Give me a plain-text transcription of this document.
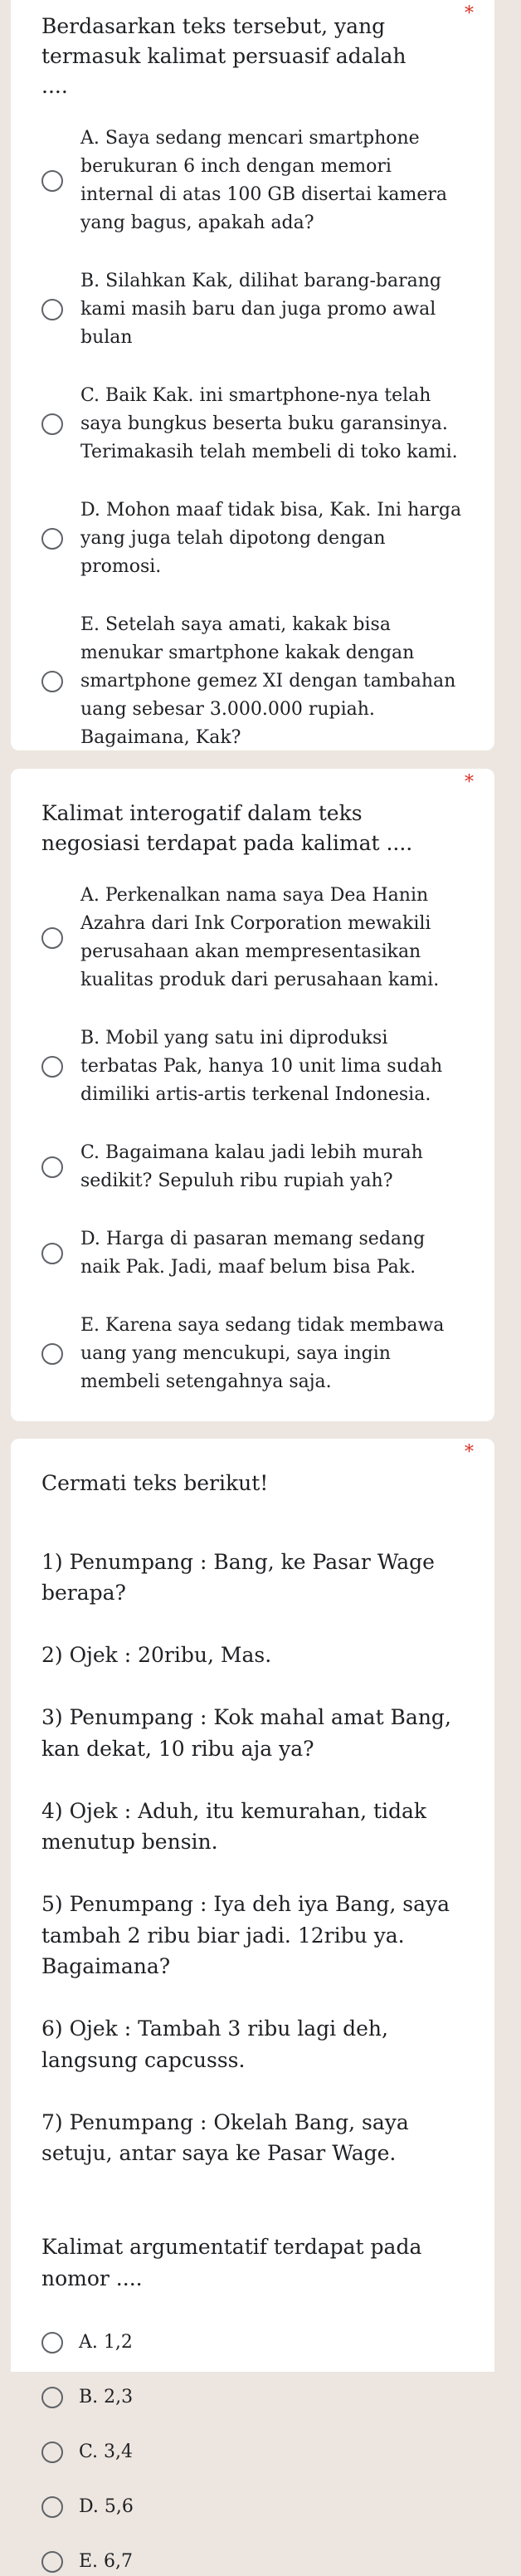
Berdasarkan teks tersebut, yang termasuk kalimat persuasif adalah ....
*
A. Saya sedang mencari smartphone berukuran 6 inch dengan memori internal di atas 100 GB disertai kamera yang bagus, apakah ada?
B. Silahkan Kak, dilihat barang-barang kami masih baru dan juga promo awal bulan
C. Baik Kak. ini smartphone-nya telah saya bungkus beserta buku garansinya. Terimakasih telah membeli di toko kami.
D. Mohon maaf tidak bisa, Kak. Ini harga yang juga telah dipotong dengan promosi.
E. Setelah saya amati, kakak bisa menukar smartphone kakak dengan smartphone gemez XI dengan tambahan uang sebesar 3.000.000 rupiah. Bagaimana, Kak?
Kalimat interogatif dalam teks negosiasi terdapat pada kalimat ....
*
A. Perkenalkan nama saya Dea Hanin Azahra dari Ink Corporation mewakili perusahaan akan mempresentasikan kualitas produk dari perusahaan kami.
B. Mobil yang satu ini diproduksi terbatas Pak, hanya 10 unit lima sudah dimiliki artis-artis terkenal Indonesia.
C. Bagaimana kalau jadi lebih murah sedikit? Sepuluh ribu rupiah yah?
D. Harga di pasaran memang sedang naik Pak. Jadi, maaf belum bisa Pak.
E. Karena saya sedang tidak membawa uang yang mencukupi, saya ingin membeli setengahnya saja.
Cermati teks berikut!
*

1) Penumpang : Bang, ke Pasar Wage berapa?

2) Ojek : 20ribu, Mas.

3) Penumpang : Kok mahal amat Bang, kan dekat, 10 ribu aja ya?

4) Ojek : Aduh, itu kemurahan, tidak menutup bensin.

5) Penumpang : Iya deh iya Bang, saya tambah 2 ribu biar jadi. 12ribu ya. Bagaimana?

6) Ojek : Tambah 3 ribu lagi deh, langsung capcusss.

7) Penumpang : Okelah Bang, saya setuju, antar saya ke Pasar Wage.

Kalimat argumentatif terdapat pada nomor ....
A. 1,2
B. 2,3
C. 3,4
D. 5,6
E. 6,7
